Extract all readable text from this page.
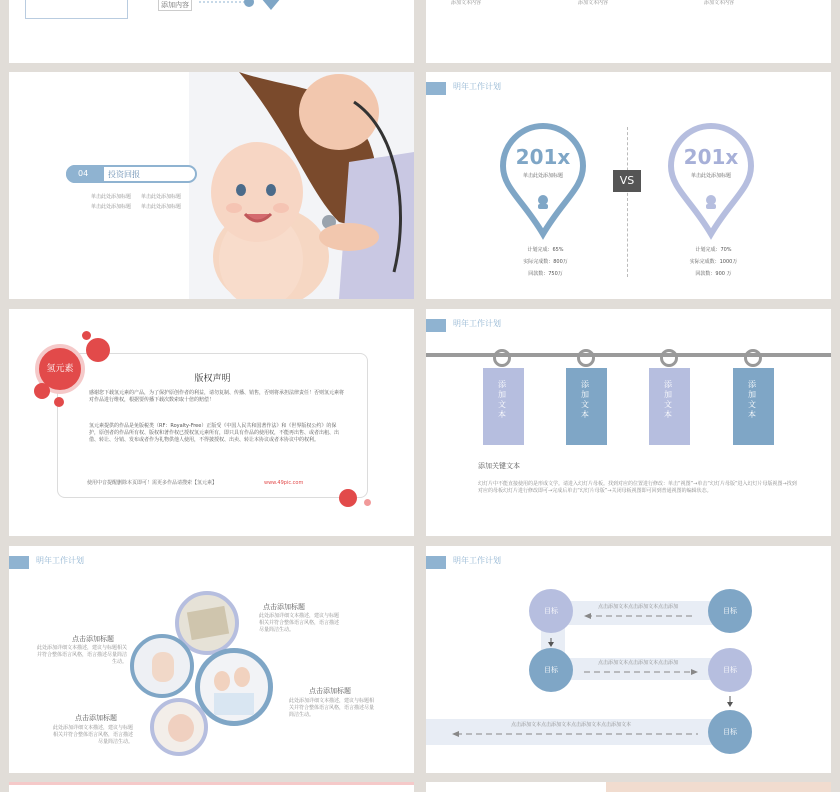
添加内容	添加文本内容	添加文本内容	添加文本内容
04 投资回报
单击此处添加标题	单击此处添加标题
单击此处添加标题	单击此处添加标题
明年工作计划
201x
单击此处添加标题
计划完成：65%
实际完成数：800万
回款数：750万
VS
201x
单击此处添加标题
计划完成：70%
实际完成数：1000万
回款数：900 万
氢元素
版权声明
感谢您下载氢元素的产品，为了保护原创作者的利益，请勿复制、传播、销售，否则将承担法律责任！否则氢元素将对作品进行维权，根据要传播下载次数索取十倍的赔偿！
氢元素提供的作品是免版税类（RF：Royalty-Free）正版受《中国人民共和国著作法》和《世界版权公约》的保护，原创者的作品所有权、版权和著作权已授权氢元素所有，即只具有作品的使用权，不能再出售、或者出租、出借、转让、分销、发布或者作为礼物供他人使用，不得披授权、出卖、转让本协议或者本协议中的权利。
使用中音提醒删除本页即可！需更多作品请搜索【氢元素】	www.49pic.com
明年工作计划
添加文本
添加文本
添加文本
添加文本
添加关键文本
幻灯片中不能直接使用的是形成文学。请进入幻灯片母板。找到对应的位置进行修改：单击“视图”→单击“幻灯片母版”进入幻灯片母版视图→找到对应的母板幻灯片进行修改即可→完成后单击“幻灯片母版”→关闭母板视图即可回到普通视图的编辑状态。
明年工作计划
点击添加标题
此处添加详细文本描述，建议与标题相关并符合整体语言风格，语言描述尽量简洁生动。
点击添加标题
此处添加详细文本描述，建议与标题相关并符合整体语言风格，语言描述尽量简洁生动。
点击添加标题
此处添加详细文本描述，建议与标题相关并符合整体语言风格，语言描述尽量简洁生动。
点击添加标题
此处添加详细文本描述，建议与标题相关并符合整体语言风格，语言描述尽量简洁生动。
明年工作计划
目标	目标
目标	目标
目标
点击添加文本点击添加文本点击添加
点击添加文本点击添加文本点击添加
点击添加文本点击添加文本点击添加文本点击添加文本
